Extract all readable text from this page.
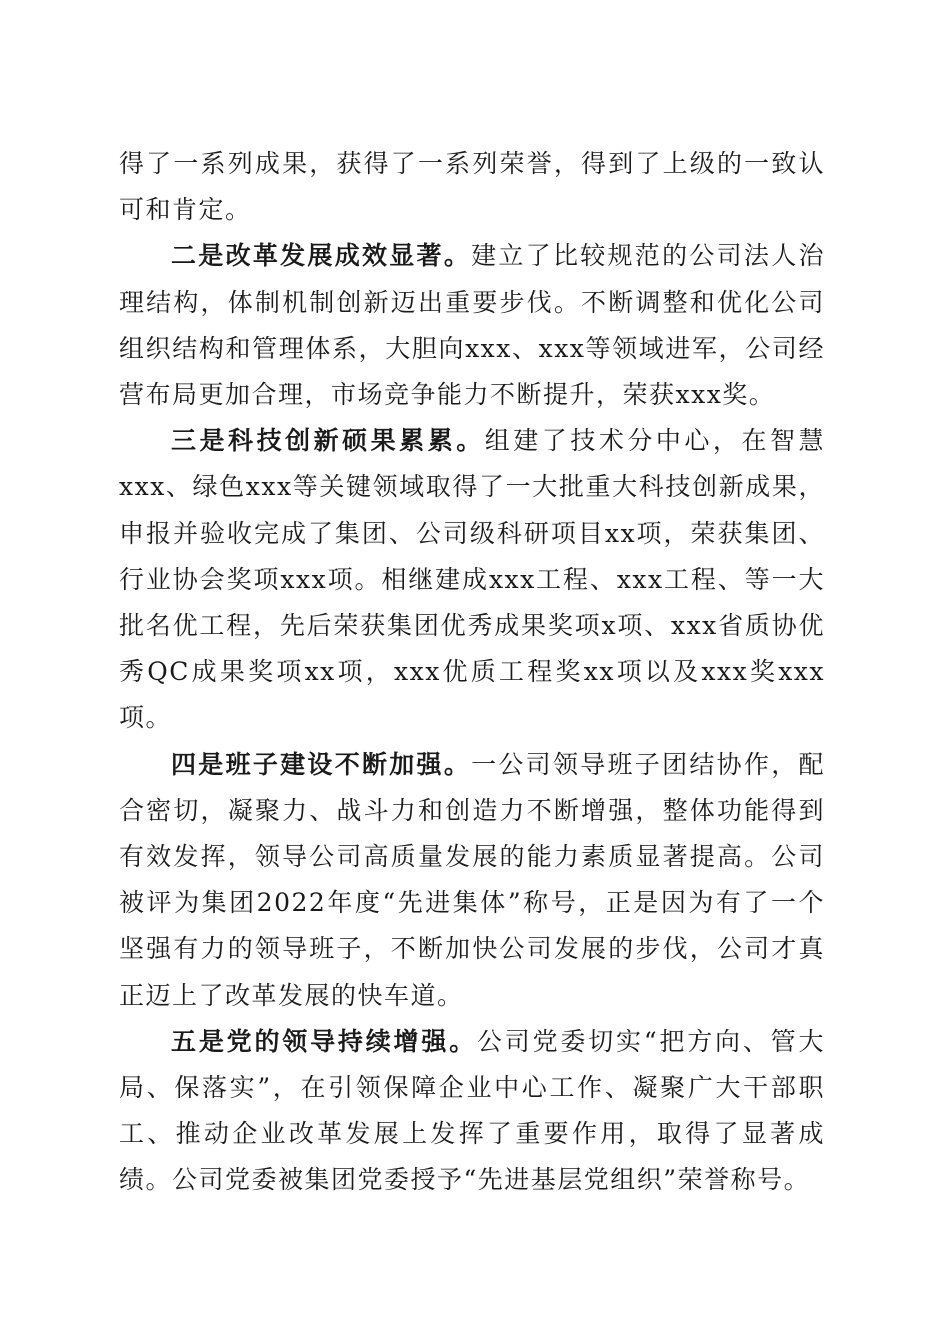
得了一系列成果，获得了一系列荣誉，得到了上级的一致认可和肯定。

二是改革发展成效显著。建立了比较规范的公司法人治理结构，体制机制创新迈出重要步伐。不断调整和优化公司组织结构和管理体系，大胆向xxx、xxx等领域进军，公司经营布局更加合理，市场竞争能力不断提升，荣获xxx奖。

三是科技创新硕果累累。组建了技术分中心，在智慧xxx、绿色xxx等关键领域取得了一大批重大科技创新成果，申报并验收完成了集团、公司级科研项目xx项，荣获集团、行业协会奖项xxx项。相继建成xxx工程、xxx工程、等一大批名优工程，先后荣获集团优秀成果奖项x项、xxx省质协优秀QC成果奖项xx项，xxx优质工程奖xx项以及xxx奖xxx项。

四是班子建设不断加强。一公司领导班子团结协作，配合密切，凝聚力、战斗力和创造力不断增强，整体功能得到有效发挥，领导公司高质量发展的能力素质显著提高。公司被评为集团2022年度“先进集体”称号，正是因为有了一个坚强有力的领导班子，不断加快公司发展的步伐，公司才真正迈上了改革发展的快车道。

五是党的领导持续增强。公司党委切实“把方向、管大局、保落实”，在引领保障企业中心工作、凝聚广大干部职工、推动企业改革发展上发挥了重要作用，取得了显著成绩。公司党委被集团党委授予“先进基层党组织”荣誉称号。
